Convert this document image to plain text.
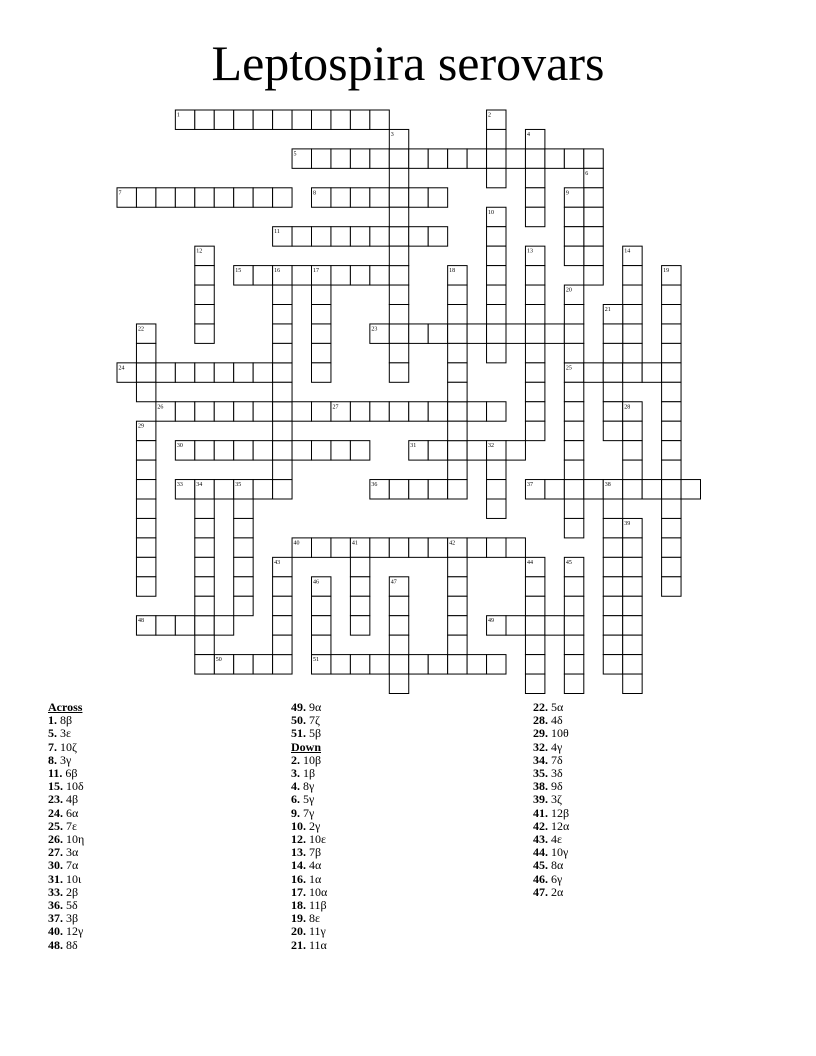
Leptospira serovars
1
5
7	8
11
15
23
24	25
26	27
30	31
33	36	37
40
48	49
50	51
2
3	4
6
9
10
12	13	14
16	17	18	19
20
21
22
28
29
32
34	35	38
39
41	42
43	44	45
46	47
Across
1. 8β
5. 3ε
7. 10ζ
8. 3γ
11. 6β
15. 10δ
23. 4β
24. 6α
25. 7ε
26. 10η
27. 3α
30. 7α
31. 10ι
33. 2β
36. 5δ
37. 3β
40. 12γ
48. 8δ
49. 9α
50. 7ζ
51. 5β
Down
2. 10β
3. 1β
4. 8γ
6. 5γ
9. 7γ
10. 2γ
12. 10ε
13. 7β
14. 4α
16. 1α
17. 10α
18. 11β
19. 8ε
20. 11γ
21. 11α
22. 5α
28. 4δ
29. 10θ
32. 4γ
34. 7δ
35. 3δ
38. 9δ
39. 3ζ
41. 12β
42. 12α
43. 4ε
44. 10γ
45. 8α
46. 6γ
47. 2α
